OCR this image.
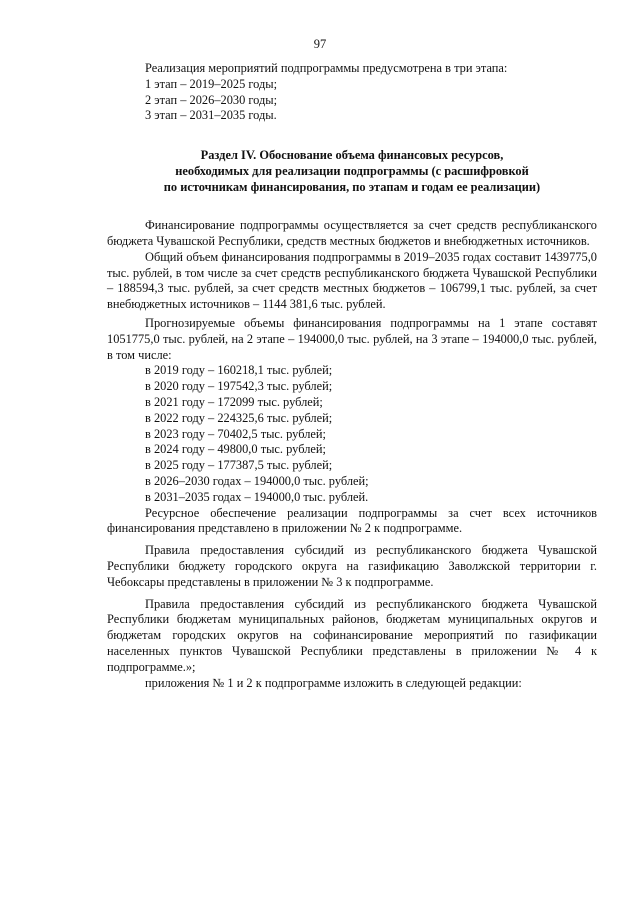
97

Реализация мероприятий подпрограммы предусмотрена в три этапа:

1 этап – 2019–2025 годы;

2 этап – 2026–2030 годы;

3 этап – 2031–2035 годы.

Раздел IV. Обоснование объема финансовых ресурсов,
необходимых для реализации подпрограммы (с расшифровкой
по источникам финансирования, по этапам и годам ее реализации)

Финансирование подпрограммы осуществляется за счет средств республиканского бюджета Чувашской Республики, средств местных бюджетов и внебюджетных источников.

Общий объем финансирования подпрограммы в 2019–2035 годах составит 1439775,0 тыс. рублей, в том числе за счет средств республиканского бюджета Чувашской Республики – 188594,3 тыс. рублей, за счет средств местных бюджетов – 106799,1 тыс. рублей, за счет внебюджетных источников – 1144 381,6 тыс. рублей.

Прогнозируемые объемы финансирования подпрограммы на 1 этапе составят 1051775,0 тыс. рублей, на 2 этапе – 194000,0 тыс. рублей, на 3 этапе – 194000,0 тыс. рублей, в том числе:

в 2019 году – 160218,1 тыс. рублей;

в 2020 году – 197542,3 тыс. рублей;

в 2021 году – 172099 тыс. рублей;

в 2022 году – 224325,6 тыс. рублей;

в 2023 году – 70402,5 тыс. рублей;

в 2024 году – 49800,0 тыс. рублей;

в 2025 году – 177387,5 тыс. рублей;

в 2026–2030 годах – 194000,0 тыс. рублей;

в 2031–2035 годах – 194000,0 тыс. рублей.

Ресурсное обеспечение реализации подпрограммы за счет всех источников финансирования представлено в приложении № 2 к подпрограмме.

Правила предоставления субсидий из республиканского бюджета Чувашской Республики бюджету городского округа на газификацию Заволжской территории г. Чебоксары представлены в приложении № 3 к подпрограмме.

Правила предоставления субсидий из республиканского бюджета Чувашской Республики бюджетам муниципальных районов, бюджетам муниципальных округов и бюджетам городских округов на софинансирование мероприятий по газификации населенных пунктов Чувашской Республики представлены в приложении № 4 к подпрограмме.»;

приложения № 1 и 2 к подпрограмме изложить в следующей редакции:
